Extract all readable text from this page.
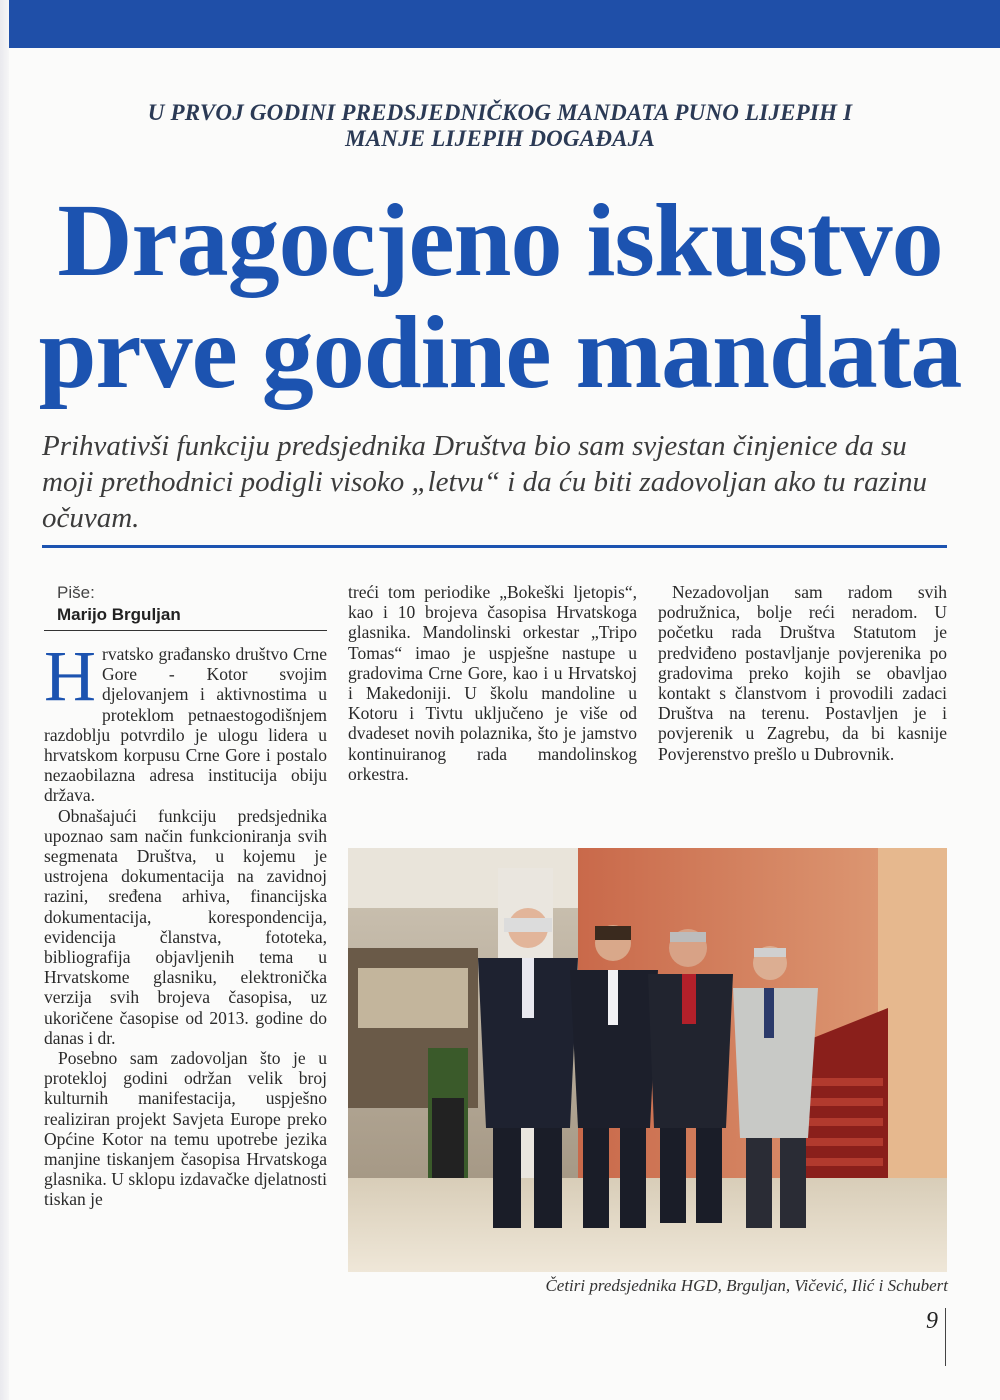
U PRVOJ GODINI PREDSJEDNIČKOG MANDATA PUNO LIJEPIH I
MANJE LIJEPIH DOGAĐAJA
Dragocjeno iskustvo
prve godine mandata
Prihvativši funkciju predsjednika Društva bio sam svjestan činjenice da su moji prethodnici podigli visoko „letvu“ i da ću biti zadovoljan ako tu razinu očuvam.
Piše:
Marijo Brguljan

Hrvatsko građansko društvo Crne Gore - Kotor svojim djelovanjem i aktivnostima u proteklom petnaestogodišnjem razdoblju potvrdilo je ulogu lidera u hrvatskom korpusu Crne Gore i postalo nezaobilazna adresa institucija obiju država.

Obnašajući funkciju predsjednika upoznao sam način funkcioniranja svih segmenata Društva, u kojemu je ustrojena dokumentacija na zavidnoj razini, sređena arhiva, financijska dokumentacija, korespondencija, evidencija članstva, fototeka, bibliografija objavljenih tema u Hrvatskome glasniku, elektronička verzija svih brojeva časopisa, uz ukoričene časopise od 2013. godine do danas i dr.

Posebno sam zadovoljan što je u proteklој godini održan velik broj kulturnih manifestacija, uspješno realiziran projekt Savjeta Europe preko Općine Kotor na temu upotrebe jezika manjine tiskanjem časopisa Hrvatskoga glasnika. U sklopu izdavačke djelatnosti tiskan je

treći tom periodike „Bokeški ljetopis“, kao i 10 brojeva časopisa Hrvatskoga glasnika. Mandolinski orkestar „Tripo Tomas“ imao je uspješne nastupe u gradovima Crne Gore, kao i u Hrvatskoj i Makedoniji. U školu mandoline u Kotoru i Tivtu uključeno je više od dvadeset novih polaznika, što je jamstvo kontinuiranog rada mandolinskog orkestra.

Nezadovoljan sam radom svih podružnica, bolje reći neradom. U početku rada Društva Statutom je predviđeno postavljanje povjerenika po gradovima preko kojih se obavljao kontakt s članstvom i provodili zadaci Društva na terenu. Postavljen je i povjerenik u Zagrebu, da bi kasnije Povjerenstvo prešlo u Dubrovnik.

Četiri predsjednika HGD, Brguljan, Vičević, Ilić i Schubert
9
